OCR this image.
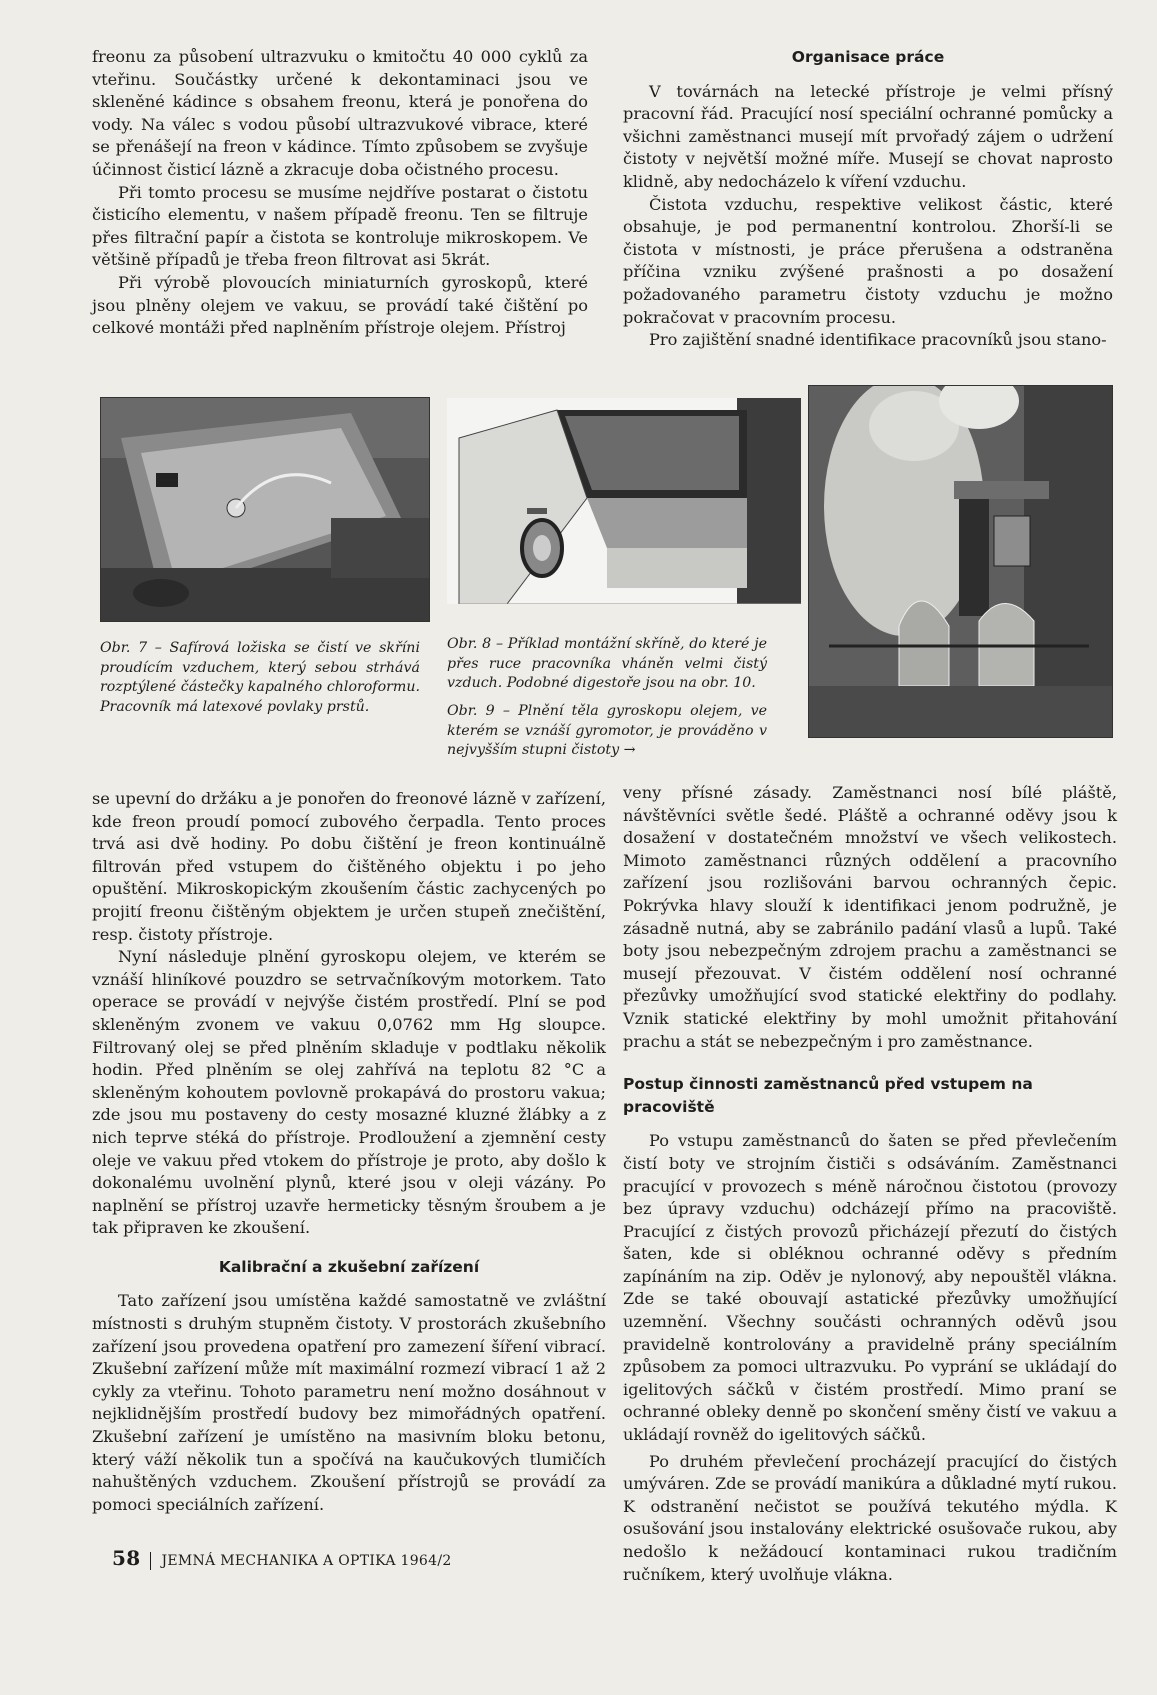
freonu za působení ultrazvuku o kmitočtu 40 000 cyklů za vteřinu. Součástky určené k dekontaminaci jsou ve skleněné kádince s obsahem freonu, která je ponořena do vody. Na válec s vodou působí ultrazvukové vibrace, které se přenášejí na freon v kádince. Tímto způsobem se zvyšuje účinnost čisticí lázně a zkracuje doba očistného procesu.

Při tomto procesu se musíme nejdříve postarat o čistotu čisticího elementu, v našem případě freonu. Ten se filtruje přes filtrační papír a čistota se kontroluje mikroskopem. Ve většině případů je třeba freon filtrovat asi 5krát.

Při výrobě plovoucích miniaturních gyroskopů, které jsou plněny olejem ve vakuu, se provádí také čištění po celkové montáži před naplněním přístroje olejem. Přístroj

Organisace práce

V továrnách na letecké přístroje je velmi přísný pracovní řád. Pracující nosí speciální ochranné pomůcky a všichni zaměstnanci musejí mít prvořadý zájem o udržení čistoty v největší možné míře. Musejí se chovat naprosto klidně, aby nedocházelo k víření vzduchu.

Čistota vzduchu, respektive velikost částic, které obsahuje, je pod permanentní kontrolou. Zhorší-li se čistota v místnosti, je práce přerušena a odstraněna příčina vzniku zvýšené prašnosti a po dosažení požadovaného parametru čistoty vzduchu je možno pokračovat v pracovním procesu.

Pro zajištění snadné identifikace pracovníků jsou stano-

Obr. 7 – Safírová ložiska se čistí ve skříni proudícím vzduchem, který sebou strhává rozptýlené částečky kapalného chloroformu. Pracovník má latexové povlaky prstů.
Obr. 8 – Příklad montážní skříně, do které je přes ruce pracovníka vháněn velmi čistý vzduch. Podobné digestoře jsou na obr. 10.
Obr. 9 – Plnění těla gyroskopu olejem, ve kterém se vznáší gyromotor, je prováděno v nejvyšším stupni čistoty →

se upevní do držáku a je ponořen do freonové lázně v zařízení, kde freon proudí pomocí zubového čerpadla. Tento proces trvá asi dvě hodiny. Po dobu čištění je freon kontinuálně filtrován před vstupem do čištěného objektu i po jeho opuštění. Mikroskopickým zkoušením částic zachycených po projití freonu čištěným objektem je určen stupeň znečištění, resp. čistoty přístroje.

Nyní následuje plnění gyroskopu olejem, ve kterém se vznáší hliníkové pouzdro se setrvačníkovým motorkem. Tato operace se provádí v nejvýše čistém prostředí. Plní se pod skleněným zvonem ve vakuu 0,0762 mm Hg sloupce. Filtrovaný olej se před plněním skladuje v podtlaku několik hodin. Před plněním se olej zahřívá na teplotu 82 °C a skleněným kohoutem povlovně prokapává do prostoru vakua; zde jsou mu postaveny do cesty mosazné kluzné žlábky a z nich teprve stéká do přístroje. Prodloužení a zjemnění cesty oleje ve vakuu před vtokem do přístroje je proto, aby došlo k dokonalému uvolnění plynů, které jsou v oleji vázány. Po naplnění se přístroj uzavře hermeticky těsným šroubem a je tak připraven ke zkoušení.

Kalibrační a zkušební zařízení

Tato zařízení jsou umístěna každé samostatně ve zvláštní místnosti s druhým stupněm čistoty. V prostorách zkušebního zařízení jsou provedena opatření pro zamezení šíření vibrací. Zkušební zařízení může mít maximální rozmezí vibrací 1 až 2 cykly za vteřinu. Tohoto parametru není možno dosáhnout v nejklidnějším prostředí budovy bez mimořádných opatření. Zkušební zařízení je umístěno na masivním bloku betonu, který váží několik tun a spočívá na kaučukových tlumičích nahuštěných vzduchem. Zkoušení přístrojů se provádí za pomoci speciálních zařízení.

veny přísné zásady. Zaměstnanci nosí bílé pláště, návštěvníci světle šedé. Pláště a ochranné oděvy jsou k dosažení v dostatečném množství ve všech velikostech. Mimoto zaměstnanci různých oddělení a pracovního zařízení jsou rozlišováni barvou ochranných čepic. Pokrývka hlavy slouží k identifikaci jenom podružně, je zásadně nutná, aby se zabránilo padání vlasů a lupů. Také boty jsou nebezpečným zdrojem prachu a zaměstnanci se musejí přezouvat. V čistém oddělení nosí ochranné přezůvky umožňující svod statické elektřiny do podlahy. Vznik statické elektřiny by mohl umožnit přitahování prachu a stát se nebezpečným i pro zaměstnance.

Postup činnosti zaměstnanců před vstupem na pracoviště

Po vstupu zaměstnanců do šaten se před převlečením čistí boty ve strojním čističi s odsáváním. Zaměstnanci pracující v provozech s méně náročnou čistotou (provozy bez úpravy vzduchu) odcházejí přímo na pracoviště. Pracující z čistých provozů přicházejí přezutí do čistých šaten, kde si obléknou ochranné oděvy s předním zapínáním na zip. Oděv je nylonový, aby nepouštěl vlákna. Zde se také obouvají astatické přezůvky umožňující uzemnění. Všechny součásti ochranných oděvů jsou pravidelně kontrolovány a pravidelně prány speciálním způsobem za pomoci ultrazvuku. Po vyprání se ukládají do igelitových sáčků v čistém prostředí. Mimo praní se ochranné obleky denně po skončení směny čistí ve vakuu a ukládají rovněž do igelitových sáčků.

Po druhém převlečení procházejí pracující do čistých umýváren. Zde se provádí manikúra a důkladné mytí rukou. K odstranění nečistot se používá tekutého mýdla. K osušování jsou instalovány elektrické osušovače rukou, aby nedošlo k nežádoucí kontaminaci rukou tradičním ručníkem, který uvolňuje vlákna.

58 JEMNÁ MECHANIKA A OPTIKA 1964/2
